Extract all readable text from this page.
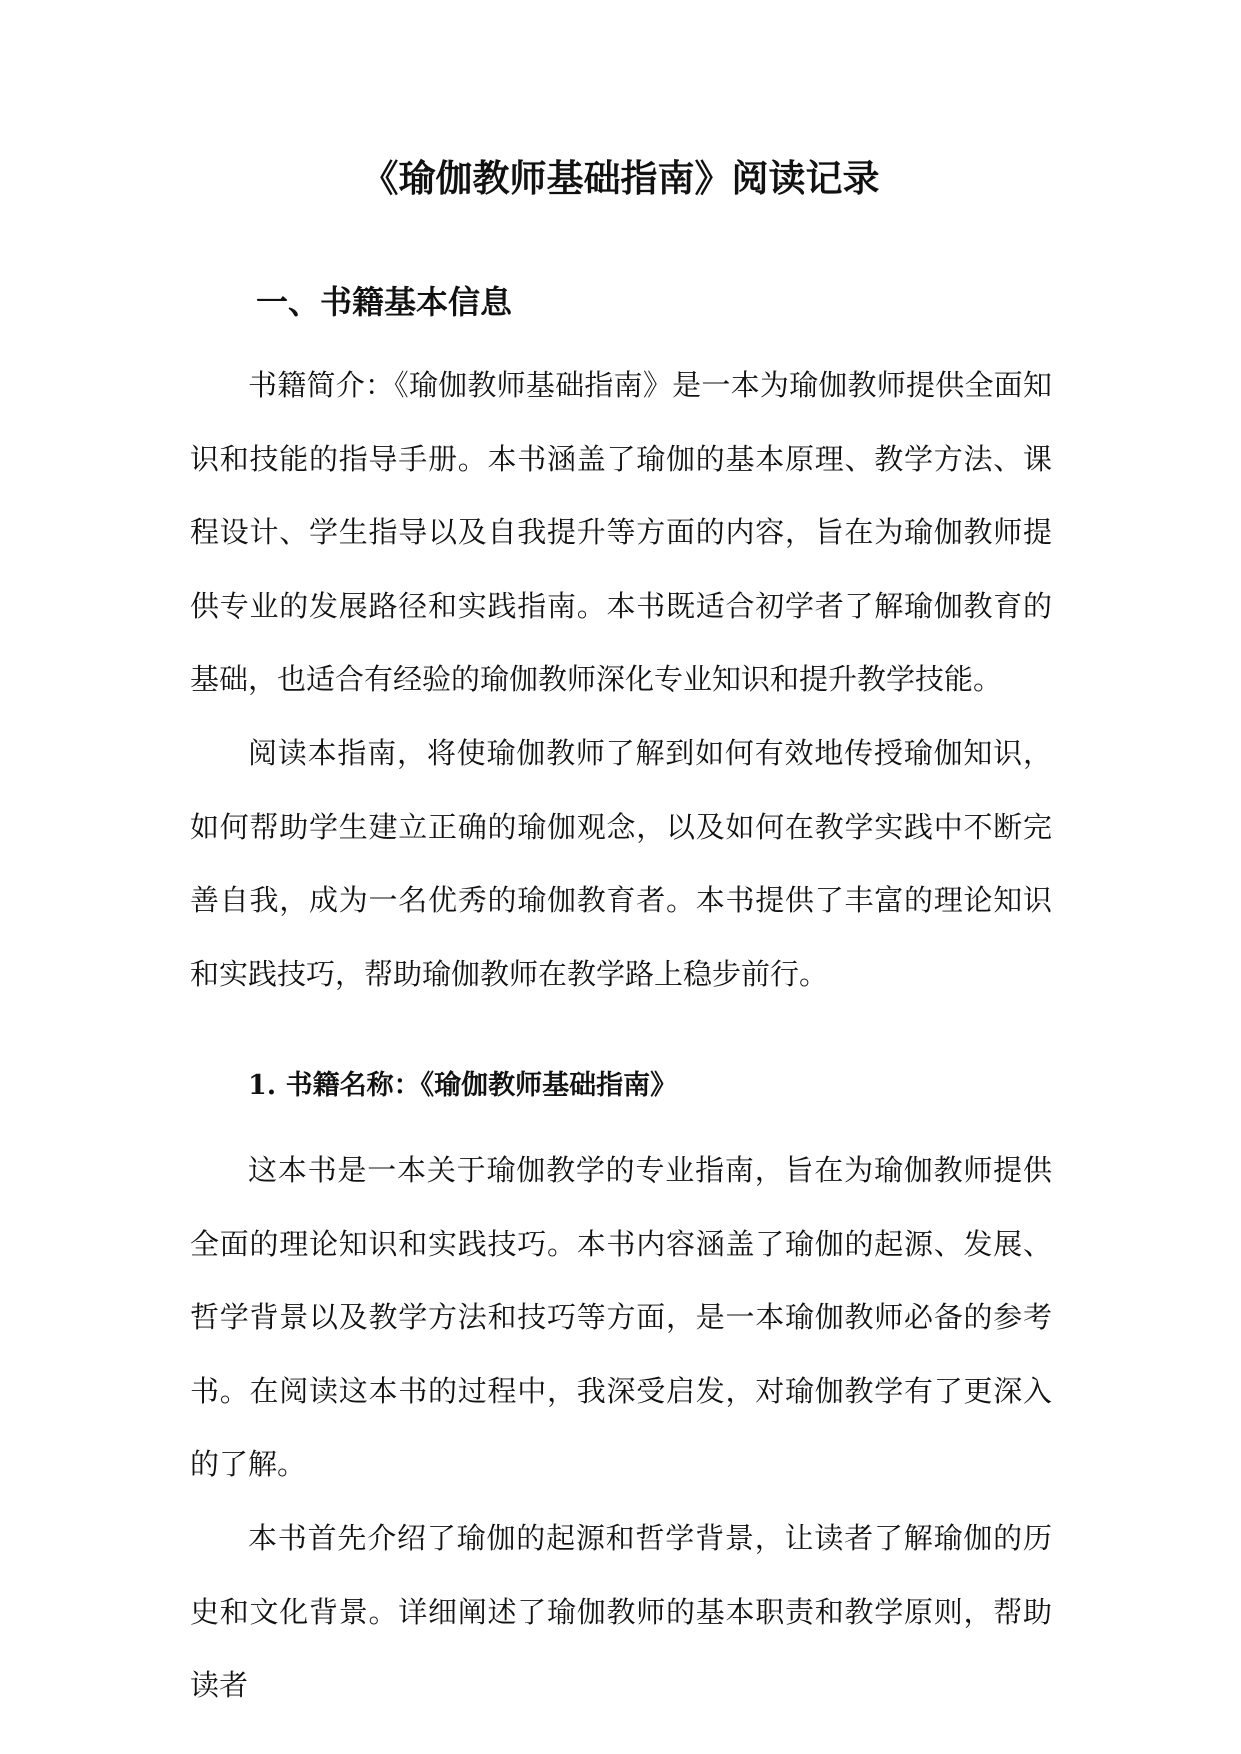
《瑜伽教师基础指南》阅读记录
一、书籍基本信息

书籍简介：《瑜伽教师基础指南》是一本为瑜伽教师提供全面知识和技能的指导手册。本书涵盖了瑜伽的基本原理、教学方法、课程设计、学生指导以及自我提升等方面的内容，旨在为瑜伽教师提供专业的发展路径和实践指南。本书既适合初学者了解瑜伽教育的基础，也适合有经验的瑜伽教师深化专业知识和提升教学技能。

阅读本指南，将使瑜伽教师了解到如何有效地传授瑜伽知识，如何帮助学生建立正确的瑜伽观念，以及如何在教学实践中不断完善自我，成为一名优秀的瑜伽教育者。本书提供了丰富的理论知识和实践技巧，帮助瑜伽教师在教学路上稳步前行。

1. 书籍名称：《瑜伽教师基础指南》

这本书是一本关于瑜伽教学的专业指南，旨在为瑜伽教师提供全面的理论知识和实践技巧。本书内容涵盖了瑜伽的起源、发展、哲学背景以及教学方法和技巧等方面，是一本瑜伽教师必备的参考书。在阅读这本书的过程中，我深受启发，对瑜伽教学有了更深入的了解。

本书首先介绍了瑜伽的起源和哲学背景，让读者了解瑜伽的历史和文化背景。详细阐述了瑜伽教师的基本职责和教学原则，帮助读者
